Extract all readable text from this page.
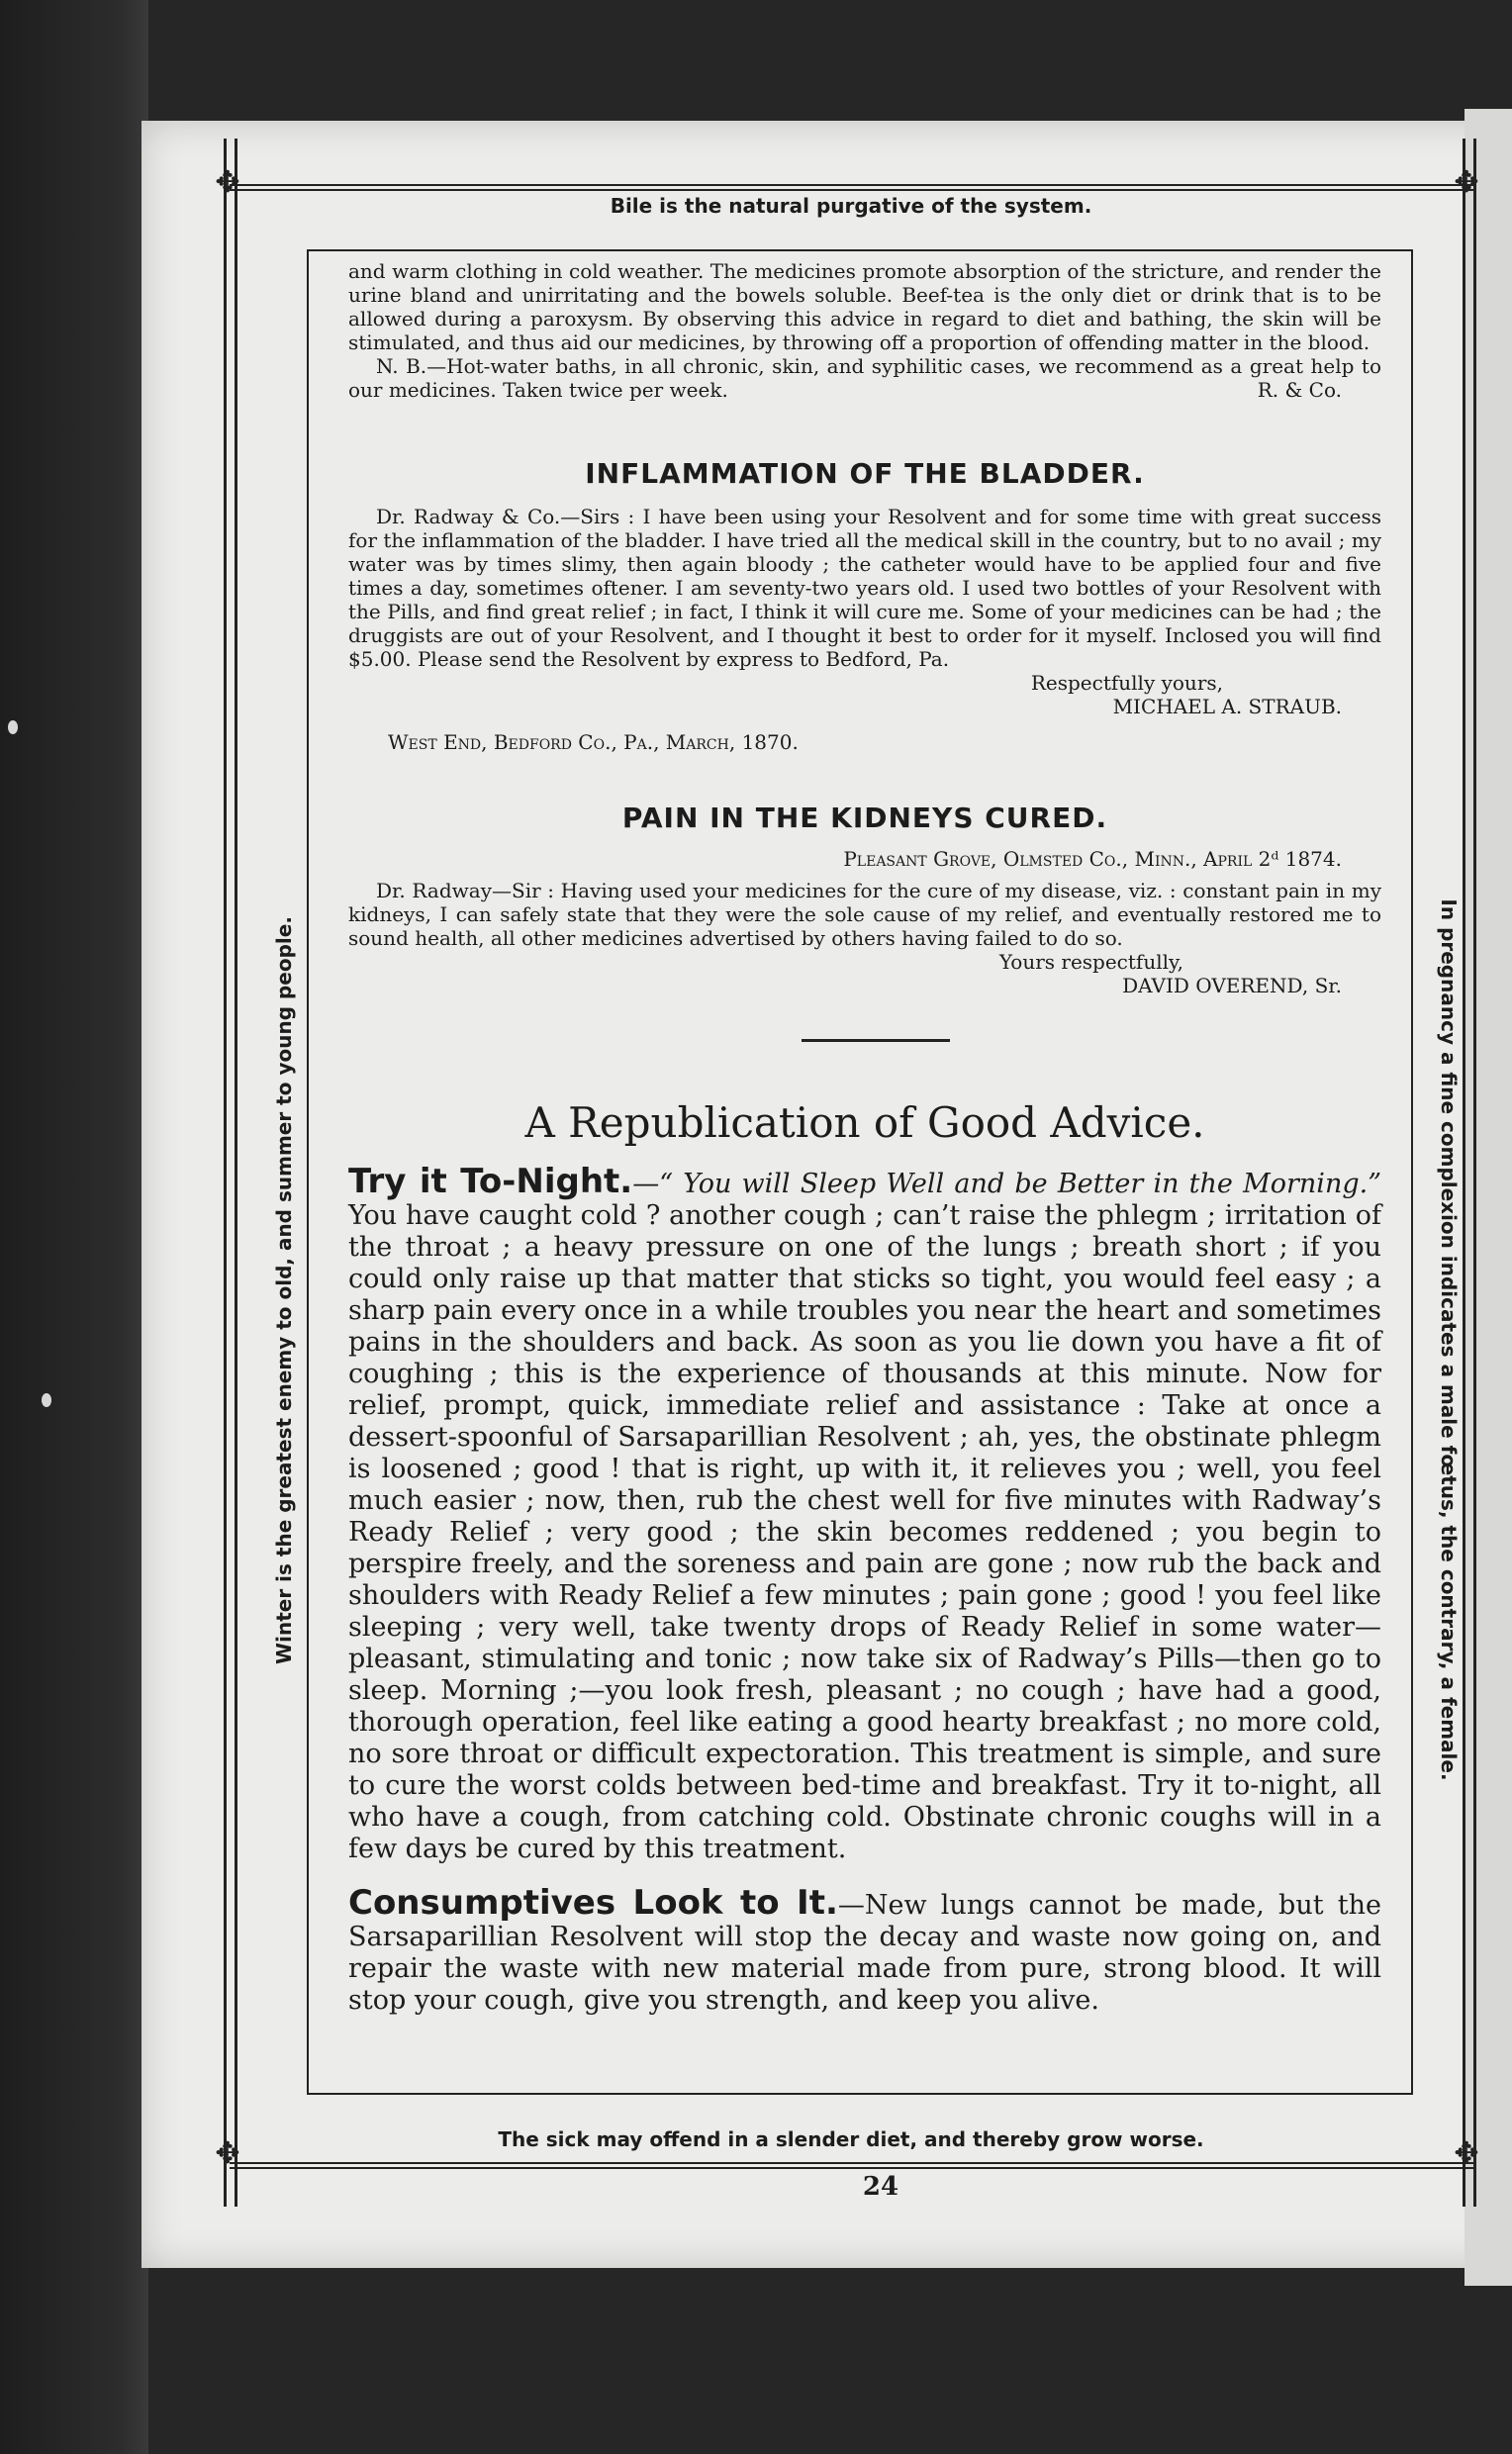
✥	✥
✥	✥
Bile is the natural purgative of the system.
Winter is the greatest enemy to old, and summer to young people.	In pregnancy a fine complexion indicates a male fœtus, the contrary, a female.

and warm clothing in cold weather. The medicines promote absorption of the stricture, and render the urine bland and unirritating and the bowels soluble. Beef-tea is the only diet or drink that is to be allowed during a paroxysm. By observing this advice in regard to diet and bathing, the skin will be stimulated, and thus aid our medicines, by throwing off a proportion of offending matter in the blood.

N. B.—Hot-water baths, in all chronic, skin, and syphilitic cases, we recommend as a great help to our medicines. Taken twice per week.	R. & Co.

INFLAMMATION OF THE BLADDER.

Dr. Radway & Co.—Sirs : I have been using your Resolvent and for some time with great success for the inflammation of the bladder. I have tried all the medical skill in the country, but to no avail ; my water was by times slimy, then again bloody ; the catheter would have to be applied four and five times a day, sometimes oftener. I am seventy-two years old. I used two bottles of your Resolvent with the Pills, and find great relief ; in fact, I think it will cure me. Some of your medicines can be had ; the druggists are out of your Resolvent, and I thought it best to order for it myself. Inclosed you will find $5.00. Please send the Resolvent by express to Bedford, Pa.

Respectfully yours,

MICHAEL A. STRAUB.

West End, Bedford Co., Pa., March, 1870.

PAIN IN THE KIDNEYS CURED.

Pleasant Grove, Olmsted Co., Minn., April 2ᵈ 1874.

Dr. Radway—Sir : Having used your medicines for the cure of my disease, viz. : constant pain in my kidneys, I can safely state that they were the sole cause of my relief, and eventually restored me to sound health, all other medicines advertised by others having failed to do so.

Yours respectfully,

DAVID OVEREND, Sr.

A Republication of Good Advice.

Try it To-Night.—“ You will Sleep Well and be Better in the Morning.” You have caught cold ? another cough ; can’t raise the phlegm ; irritation of the throat ; a heavy pressure on one of the lungs ; breath short ; if you could only raise up that matter that sticks so tight, you would feel easy ; a sharp pain every once in a while troubles you near the heart and sometimes pains in the shoulders and back. As soon as you lie down you have a fit of coughing ; this is the experience of thousands at this minute. Now for relief, prompt, quick, immediate relief and assistance : Take at once a dessert-spoonful of Sarsaparillian Resolvent ; ah, yes, the obstinate phlegm is loosened ; good ! that is right, up with it, it relieves you ; well, you feel much easier ; now, then, rub the chest well for five minutes with Radway’s Ready Relief ; very good ; the skin becomes reddened ; you begin to perspire freely, and the soreness and pain are gone ; now rub the back and shoulders with Ready Relief a few minutes ; pain gone ; good ! you feel like sleeping ; very well, take twenty drops of Ready Relief in some water—pleasant, stimulating and tonic ; now take six of Radway’s Pills—then go to sleep. Morning ;—you look fresh, pleasant ; no cough ; have had a good, thorough operation, feel like eating a good hearty breakfast ; no more cold, no sore throat or difficult expectoration. This treatment is simple, and sure to cure the worst colds between bed-time and breakfast. Try it to-night, all who have a cough, from catching cold. Obstinate chronic coughs will in a few days be cured by this treatment.

Consumptives Look to It.—New lungs cannot be made, but the Sarsaparillian Resolvent will stop the decay and waste now going on, and repair the waste with new material made from pure, strong blood. It will stop your cough, give you strength, and keep you alive.

The sick may offend in a slender diet, and thereby grow worse.
24
